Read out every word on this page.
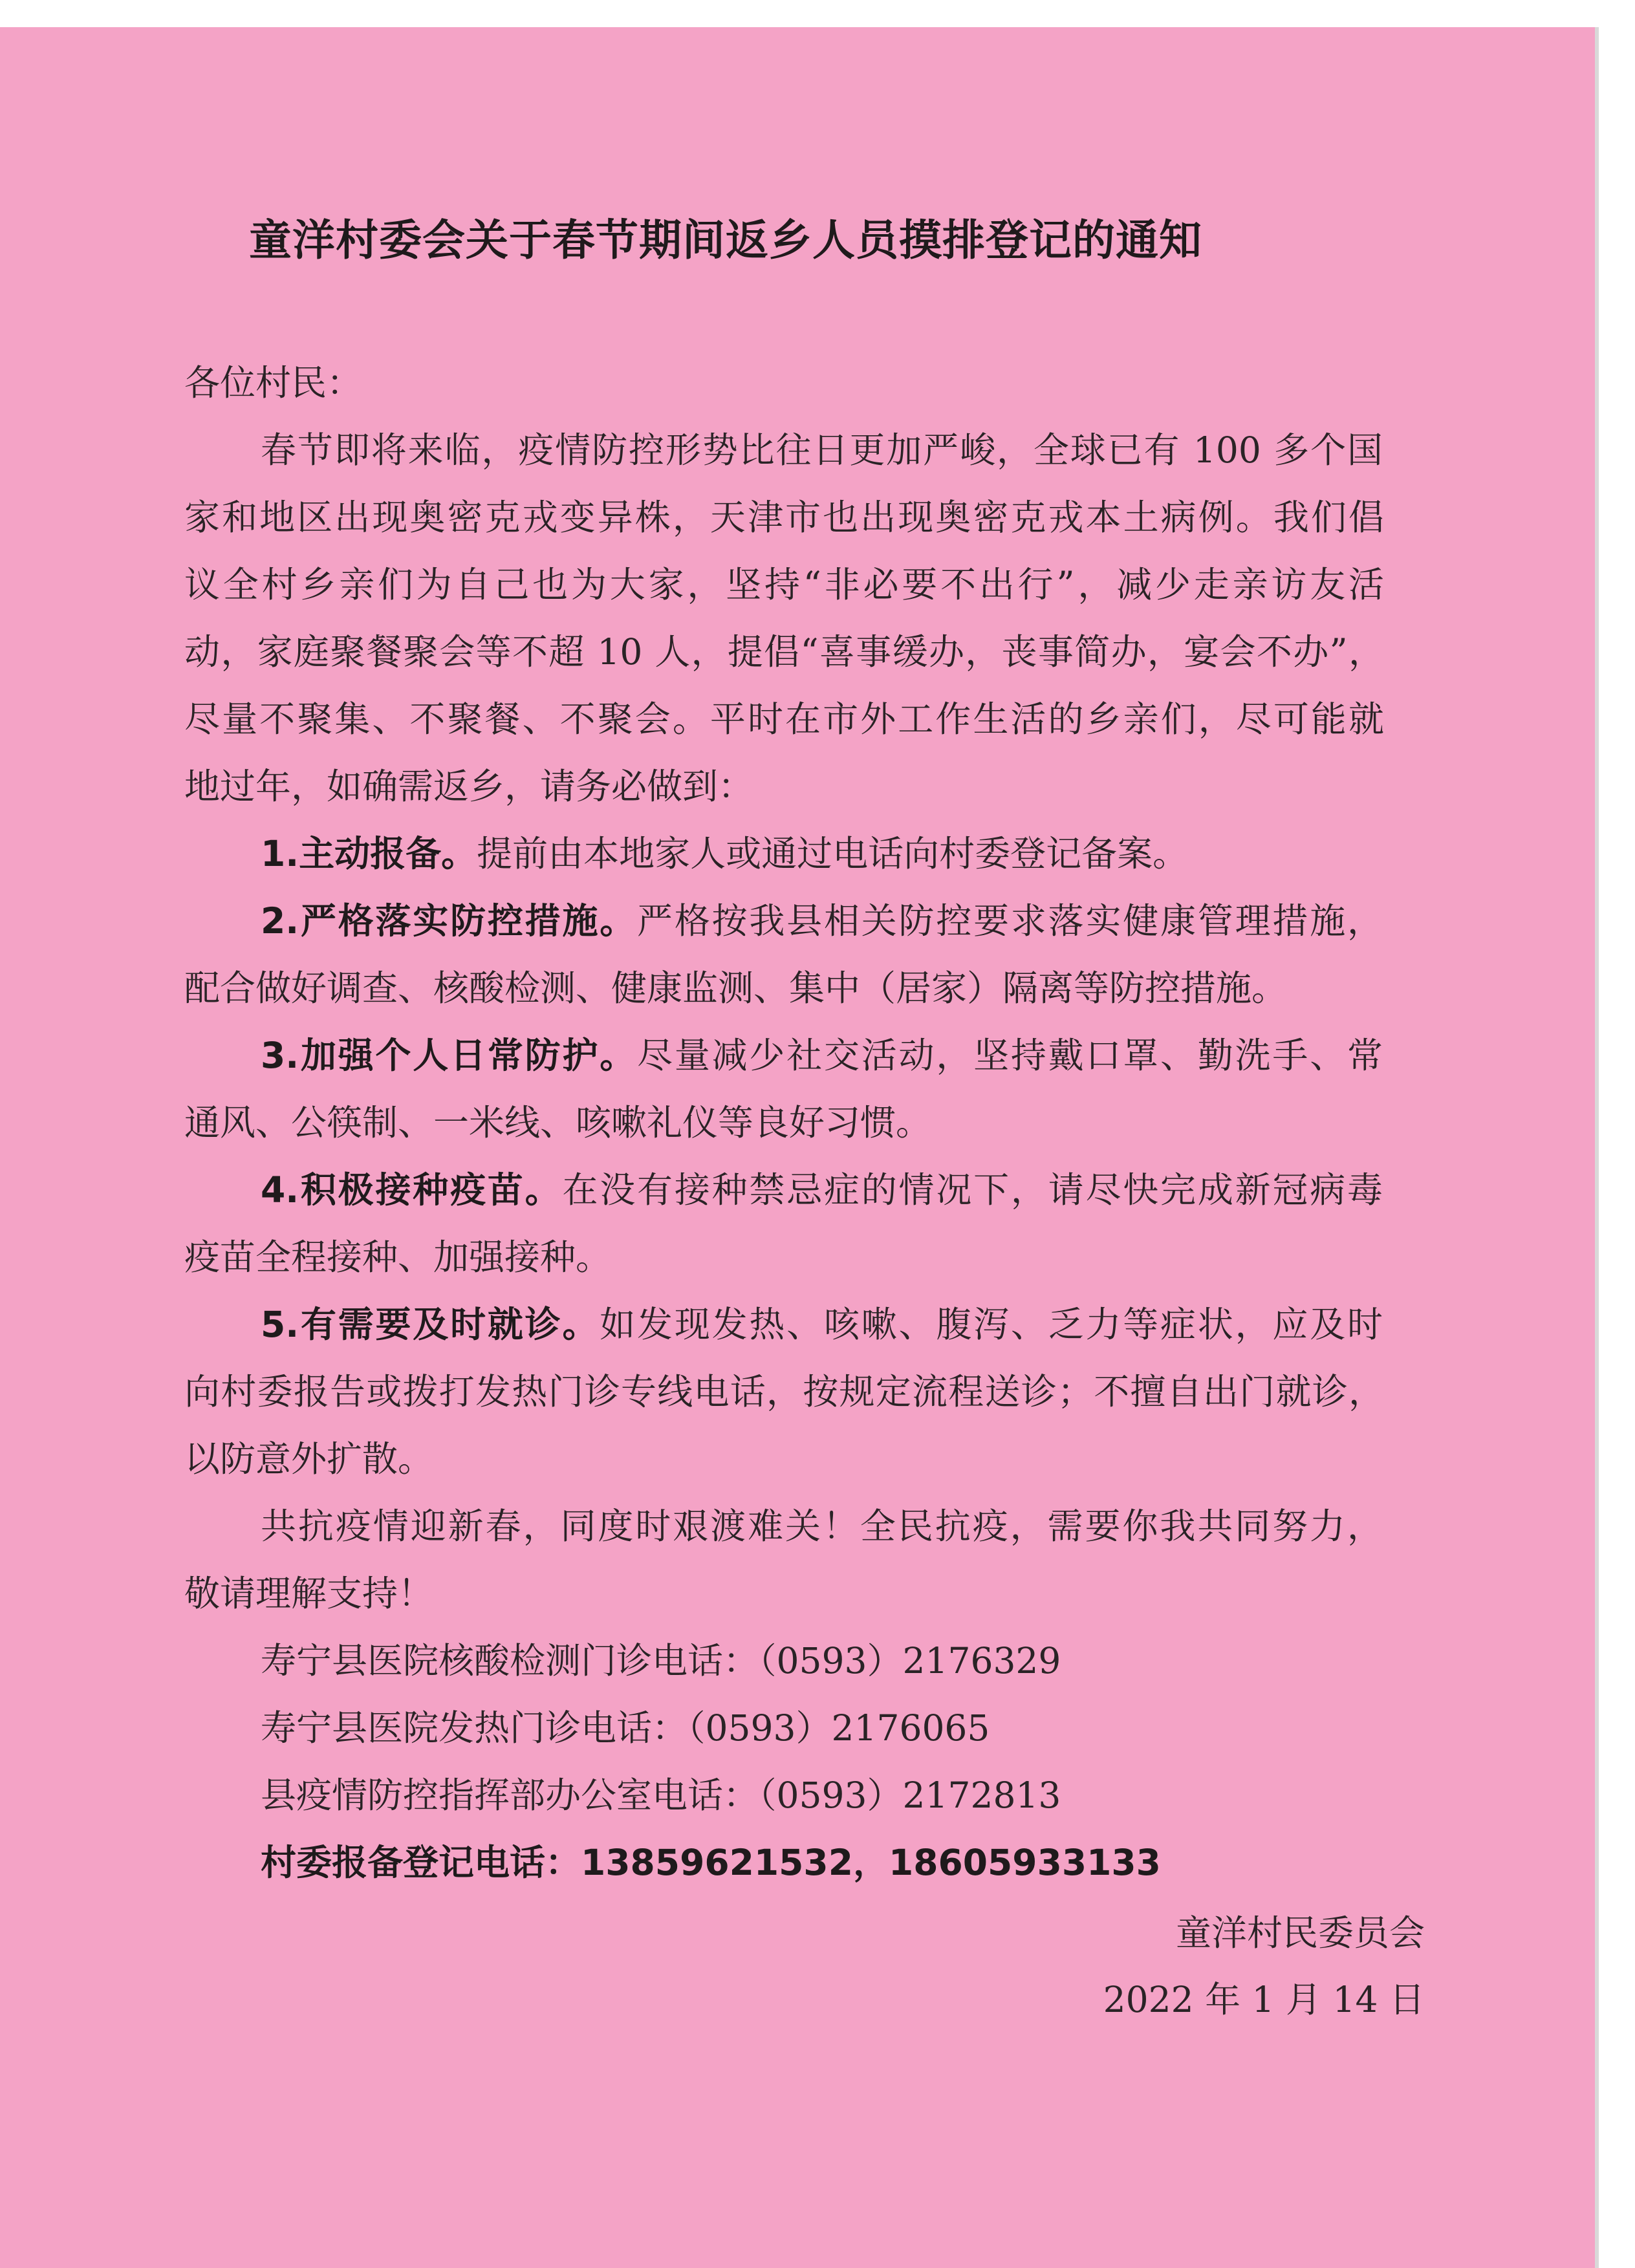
童洋村委会关于春节期间返乡人员摸排登记的通知
各位村民：
春节即将来临，疫情防控形势比往日更加严峻，全球已有 100 多个国
家和地区出现奥密克戎变异株，天津市也出现奥密克戎本土病例。我们倡
议全村乡亲们为自己也为大家，坚持“非必要不出行”，减少走亲访友活
动，家庭聚餐聚会等不超 10 人，提倡“喜事缓办，丧事简办，宴会不办”，
尽量不聚集、不聚餐、不聚会。平时在市外工作生活的乡亲们，尽可能就
地过年，如确需返乡，请务必做到：
1.主动报备。提前由本地家人或通过电话向村委登记备案。
2.严格落实防控措施。严格按我县相关防控要求落实健康管理措施，
配合做好调查、核酸检测、健康监测、集中（居家）隔离等防控措施。
3.加强个人日常防护。尽量减少社交活动，坚持戴口罩、勤洗手、常
通风、公筷制、一米线、咳嗽礼仪等良好习惯。
4.积极接种疫苗。在没有接种禁忌症的情况下，请尽快完成新冠病毒
疫苗全程接种、加强接种。
5.有需要及时就诊。如发现发热、咳嗽、腹泻、乏力等症状，应及时
向村委报告或拨打发热门诊专线电话，按规定流程送诊；不擅自出门就诊，
以防意外扩散。
共抗疫情迎新春，同度时艰渡难关！全民抗疫，需要你我共同努力，
敬请理解支持！
寿宁县医院核酸检测门诊电话：（0593）2176329
寿宁县医院发热门诊电话：（0593）2176065
县疫情防控指挥部办公室电话：（0593）2172813
村委报备登记电话：13859621532，18605933133
童洋村民委员会
2022 年 1 月 14 日
